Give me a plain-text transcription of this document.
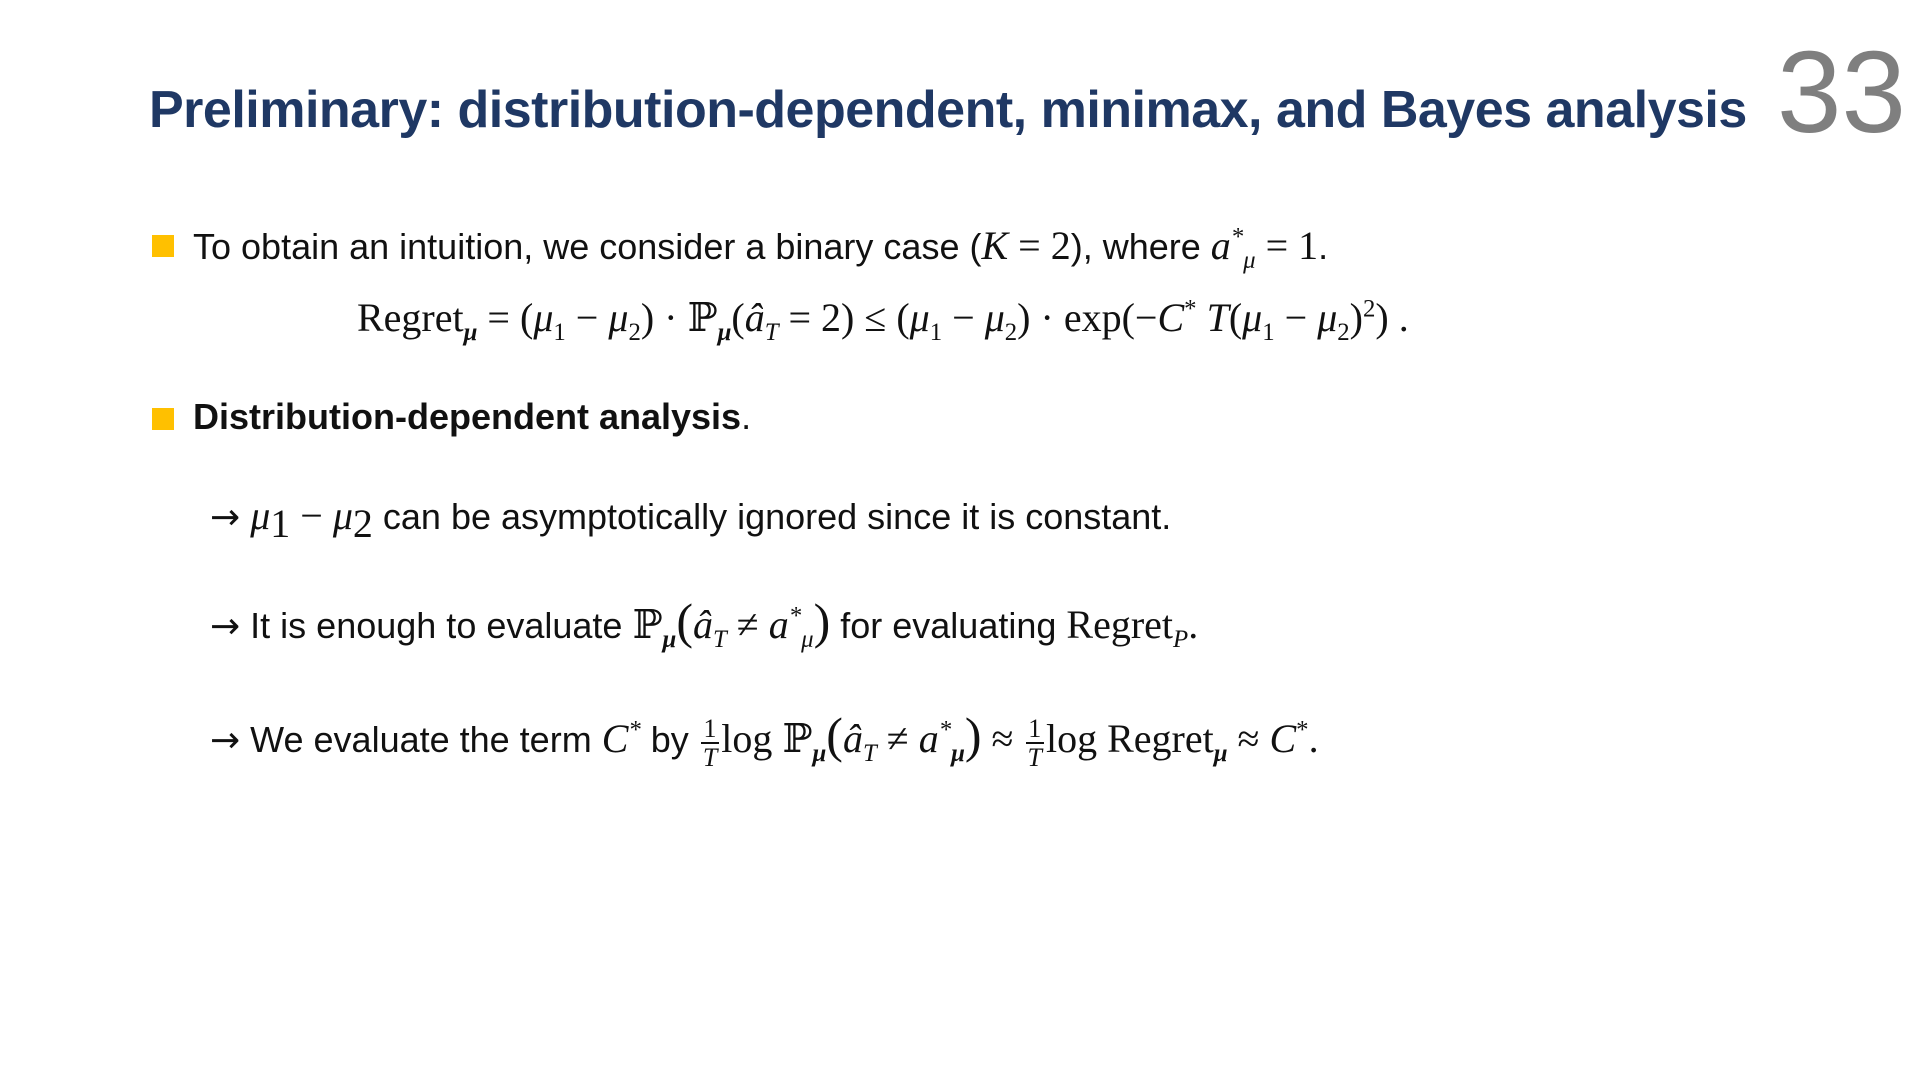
Preliminary: distribution-dependent, minimax, and Bayes analysis 33
To obtain an intuition, we consider a binary case (K = 2), where $a^*_\mu = 1$.
Regret$_\mu$ = $(\mu_1 - \mu_2)$ · $ℙ_\mu(â_T = 2) \le (\mu_1 - \mu_2) \cdot \exp(-C^*$ $T(\mu_1 - \mu_2)^2$) .
Distribution-dependent analysis.
→ $\mu_1 - \mu_2$ can be asymptotically ignored since it is constant.
→ It is enough to evaluate $ℙ_\mu(â_T \ne a^*_\mu)$ for evaluating Regret$_P$.
→ We evaluate the term C* by $\frac{1}{T}$ $\log ℙ_\mu(â_T \ne a^*_\mu) \approx \frac{1}{T}$ log Regret$_\mu$ ≈ C*.
